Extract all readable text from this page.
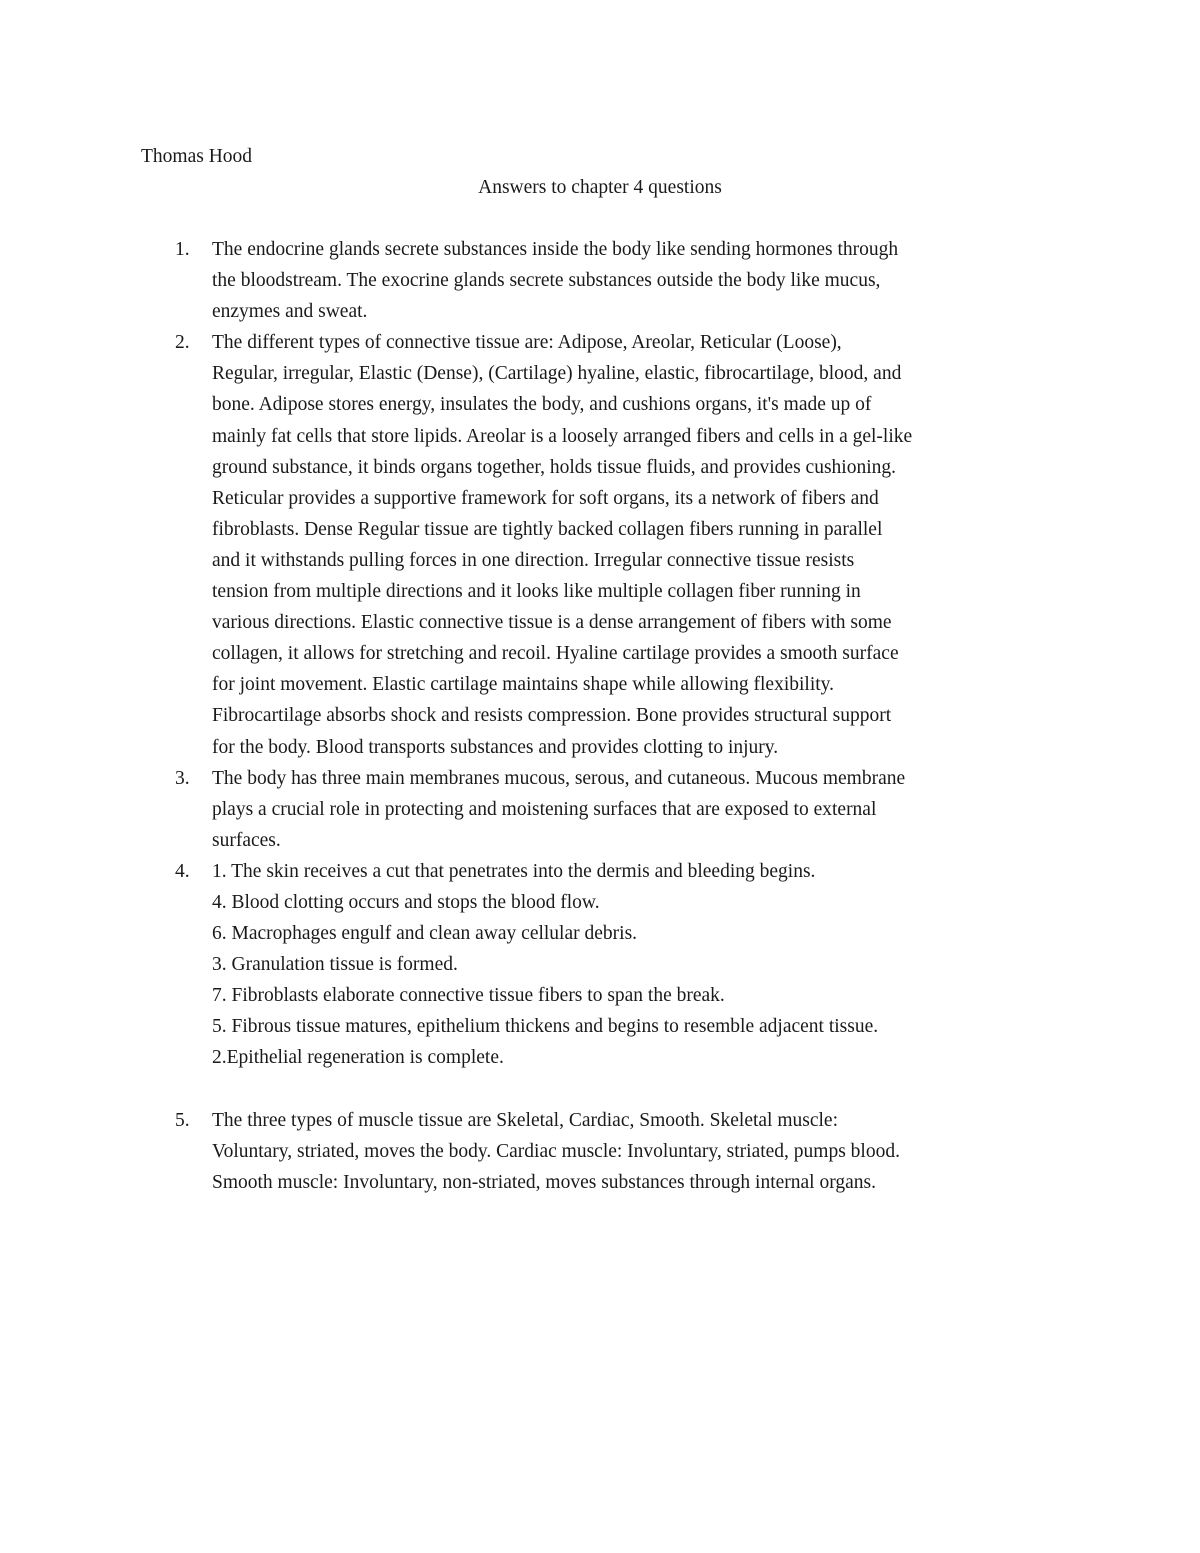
Thomas Hood

Answers to chapter 4 questions
1. The endocrine glands secrete substances inside the body like sending hormones through
the bloodstream. The exocrine glands secrete substances outside the body like mucus,
enzymes and sweat.
2. The different types of connective tissue are: Adipose, Areolar, Reticular (Loose),
Regular, irregular, Elastic (Dense), (Cartilage) hyaline, elastic, fibrocartilage, blood, and
bone. Adipose stores energy, insulates the body, and cushions organs, it's made up of
mainly fat cells that store lipids. Areolar is a loosely arranged fibers and cells in a gel-like
ground substance, it binds organs together, holds tissue fluids, and provides cushioning.
Reticular provides a supportive framework for soft organs, its a network of fibers and
fibroblasts. Dense Regular tissue are tightly backed collagen fibers running in parallel
and it withstands pulling forces in one direction. Irregular connective tissue resists
tension from multiple directions and it looks like multiple collagen fiber running in
various directions. Elastic connective tissue is a dense arrangement of fibers with some
collagen, it allows for stretching and recoil. Hyaline cartilage provides a smooth surface
for joint movement. Elastic cartilage maintains shape while allowing flexibility.
Fibrocartilage absorbs shock and resists compression. Bone provides structural support
for the body. Blood transports substances and provides clotting to injury.
3. The body has three main membranes mucous, serous, and cutaneous. Mucous membrane
plays a crucial role in protecting and moistening surfaces that are exposed to external
surfaces.
4. 1. The skin receives a cut that penetrates into the dermis and bleeding begins.
4. Blood clotting occurs and stops the blood flow.
6. Macrophages engulf and clean away cellular debris.
3. Granulation tissue is formed.
7. Fibroblasts elaborate connective tissue fibers to span the break.
5. Fibrous tissue matures, epithelium thickens and begins to resemble adjacent tissue.
2.Epithelial regeneration is complete.
5. The three types of muscle tissue are Skeletal, Cardiac, Smooth. Skeletal muscle:
Voluntary, striated, moves the body. Cardiac muscle: Involuntary, striated, pumps blood.
Smooth muscle: Involuntary, non-striated, moves substances through internal organs.
